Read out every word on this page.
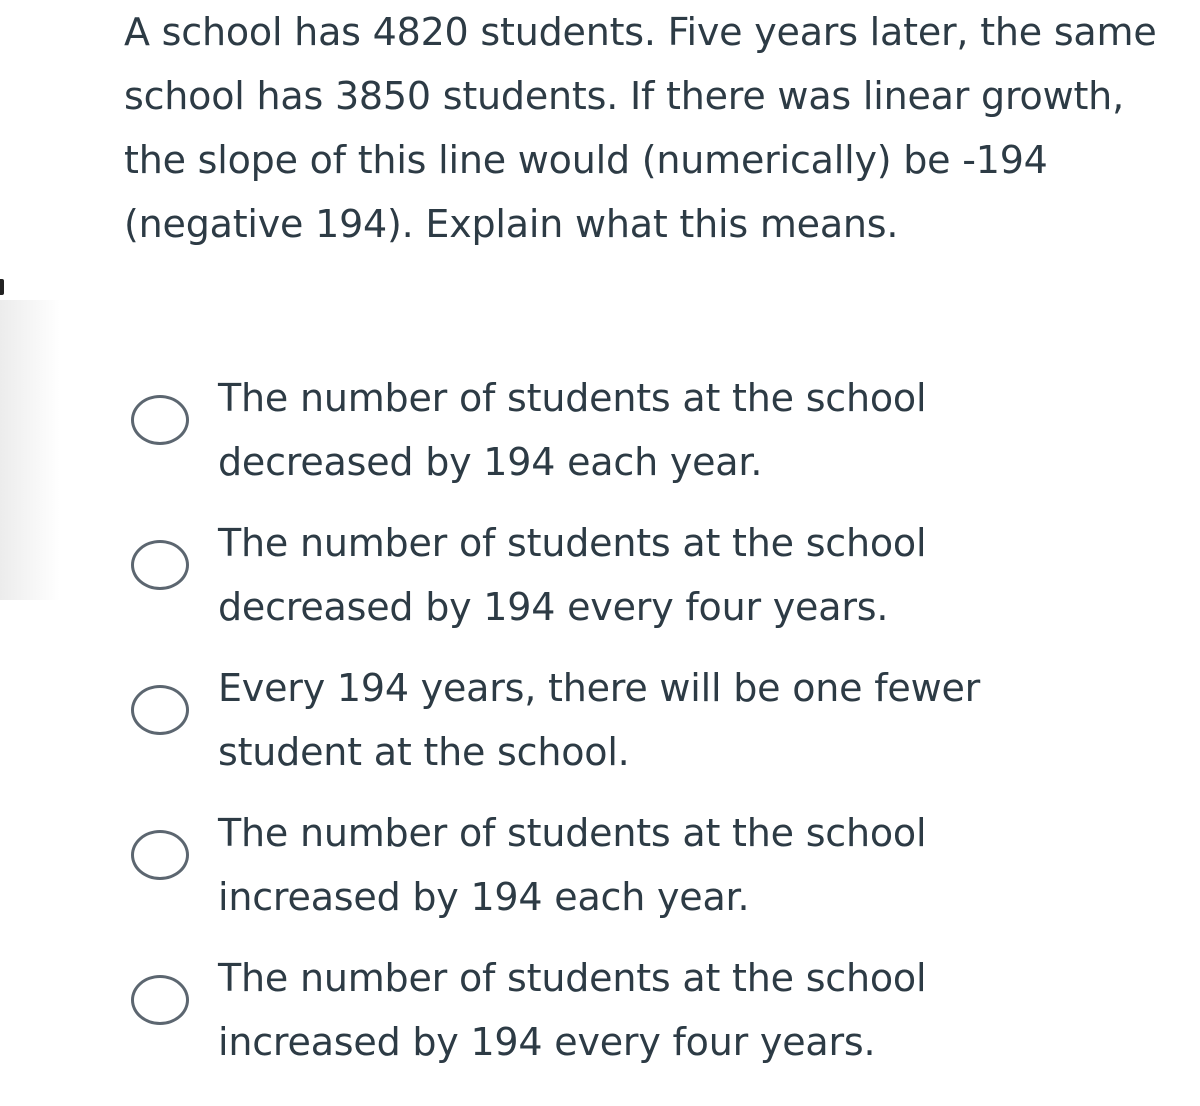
A school has 4820 students. Five years later, the same school has 3850 students. If there was linear growth, the slope of this line would (numerically) be -194 (negative 194). Explain what this means.

The number of students at the school decreased by 194 each year.
The number of students at the school decreased by 194 every four years.
Every 194 years, there will be one fewer student at the school.
The number of students at the school increased by 194 each year.
The number of students at the school increased by 194 every four years.
